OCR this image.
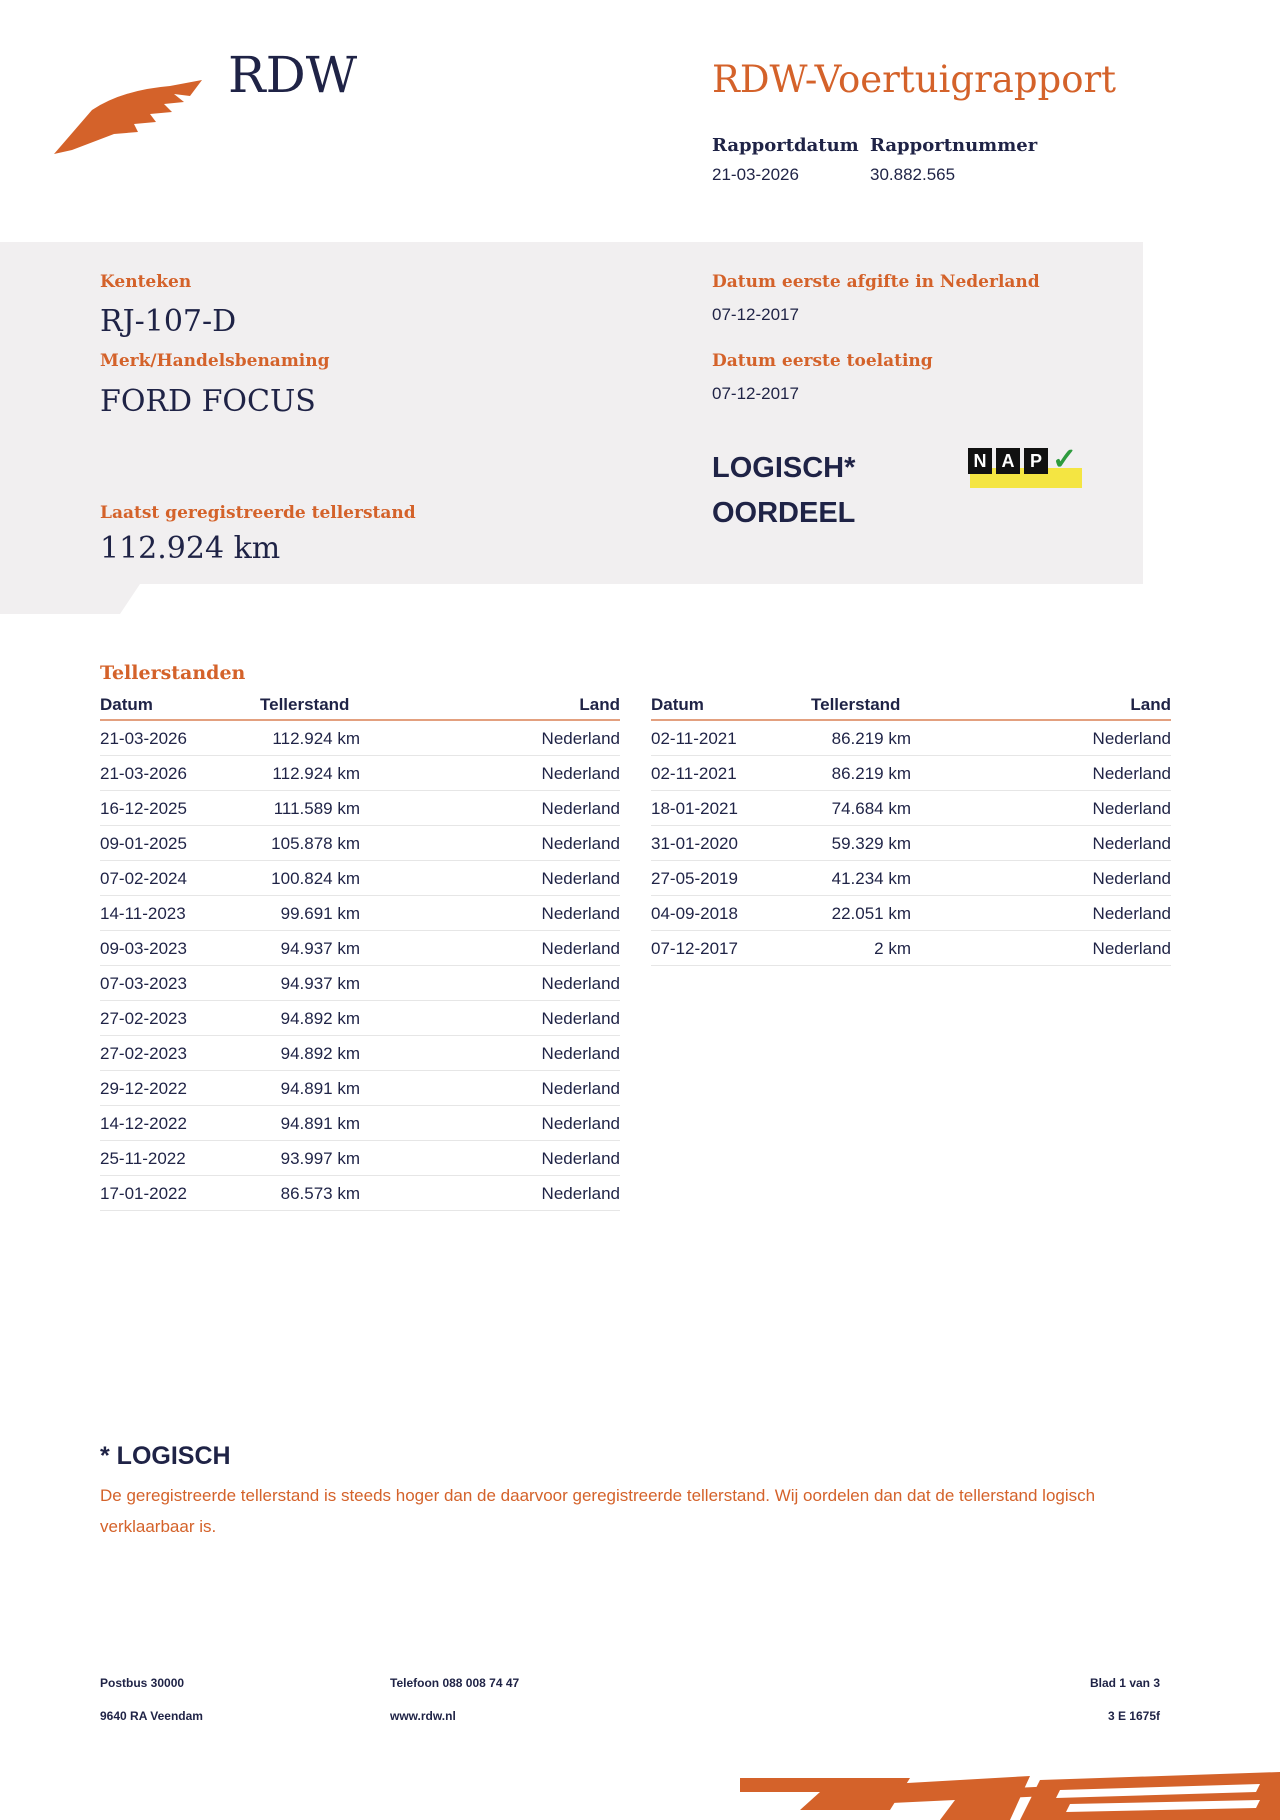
RDW	RDW-Voertuigrapport
Rapportdatum
21-03-2026
Rapportnummer
30.882.565
Kenteken
RJ-107-D
Merk/Handelsbenaming
FORD FOCUS
Laatst geregistreerde tellerstand
112.924 km
Datum eerste afgifte in Nederland
07-12-2017
Datum eerste toelating
07-12-2017
LOGISCH*
OORDEEL
N A P ✓
Tellerstanden
Datum	Tellerstand	Land
21-03-2026	112.924 km	Nederland
21-03-2026	112.924 km	Nederland
16-12-2025	111.589 km	Nederland
09-01-2025	105.878 km	Nederland
07-02-2024	100.824 km	Nederland
14-11-2023	99.691 km	Nederland
09-03-2023	94.937 km	Nederland
07-03-2023	94.937 km	Nederland
27-02-2023	94.892 km	Nederland
27-02-2023	94.892 km	Nederland
29-12-2022	94.891 km	Nederland
14-12-2022	94.891 km	Nederland
25-11-2022	93.997 km	Nederland
17-01-2022	86.573 km	Nederland
Datum	Tellerstand	Land
02-11-2021	86.219 km	Nederland
02-11-2021	86.219 km	Nederland
18-01-2021	74.684 km	Nederland
31-01-2020	59.329 km	Nederland
27-05-2019	41.234 km	Nederland
04-09-2018	22.051 km	Nederland
07-12-2017	2 km	Nederland
* LOGISCH
De geregistreerde tellerstand is steeds hoger dan de daarvoor geregistreerde tellerstand. Wij oordelen dan dat de tellerstand logisch verklaarbaar is.
Postbus 30000
9640 RA Veendam
Telefoon 088 008 74 47
www.rdw.nl
Blad 1 van 3
3 E 1675f
